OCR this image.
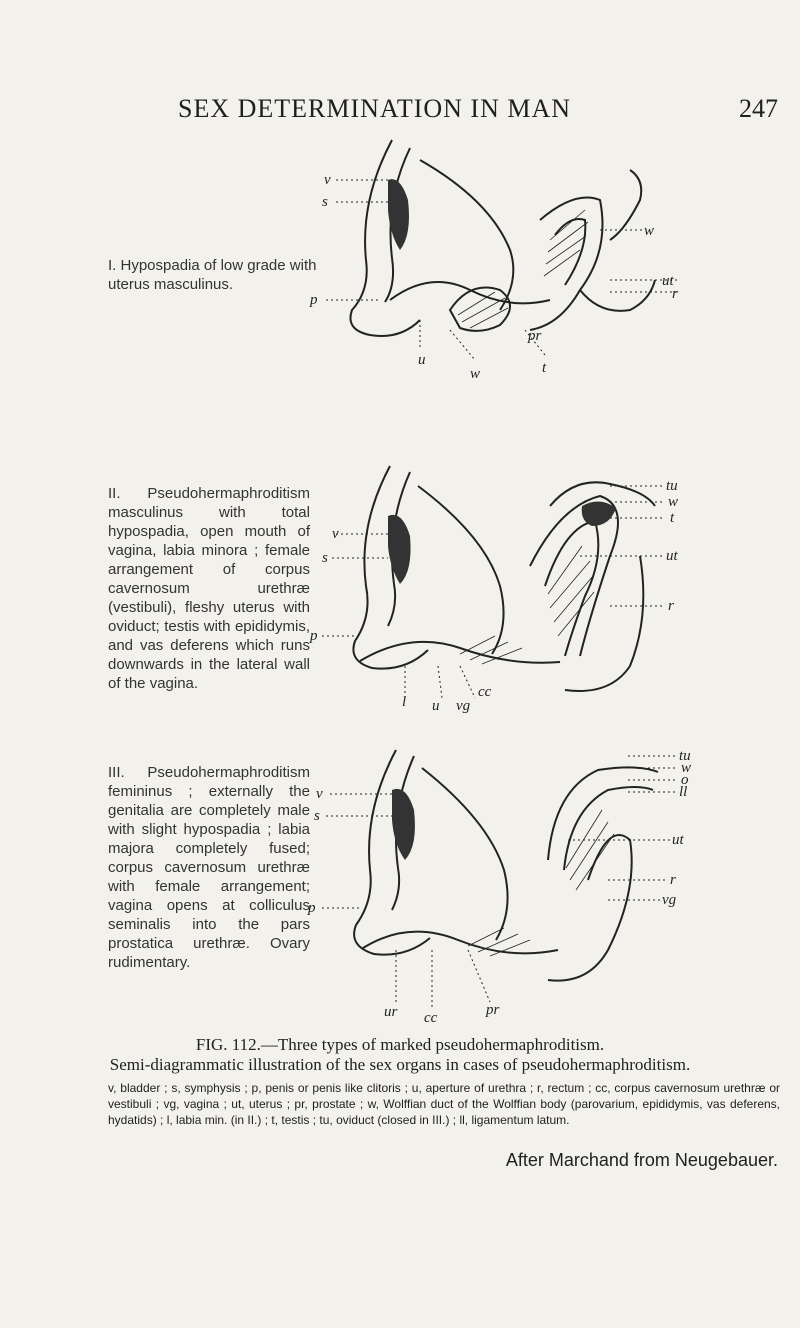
SEX DETERMINATION IN MAN	247
I. Hypospadia of low grade with uterus masculinus.
II. Pseudohermaphroditism masculinus with total hypospadia, open mouth of vagina, labia minora ; female arrangement of corpus cavernosum urethræ (vestibuli), fleshy uterus with oviduct; testis with epididymis, and vas deferens which runs downwards in the lateral wall of the vagina.
III. Pseudohermaphroditism femininus ; externally the genitalia are completely male with slight hypospadia ; labia majora completely fused; corpus cavernosum urethræ with female arrangement; vagina opens at colliculus seminalis into the pars prostatica urethræ. Ovary rudimentary.
v
s
p
u
w	t
pr
w
ut
r
v
s
p
l u vg
cc
tu
w
t
ut
r
v
s
p
ur cc	pr
tu
w
o
ll
ut
r
vg
FIG. 112.—Three types of marked pseudohermaphroditism.
Semi-diagrammatic illustration of the sex organs in cases of pseudohermaphroditism.
v, bladder ; s, symphysis ; p, penis or penis like clitoris ; u, aperture of urethra ; r, rectum ; cc, corpus cavernosum urethræ or vestibuli ; vg, vagina ; ut, uterus ; pr, prostate ; w, Wolffian duct of the Wolffian body (parovarium, epididymis, vas deferens, hydatids) ; l, labia min. (in II.) ; t, testis ; tu, oviduct (closed in III.) ; ll, ligamentum latum.
After Marchand from Neugebauer.
